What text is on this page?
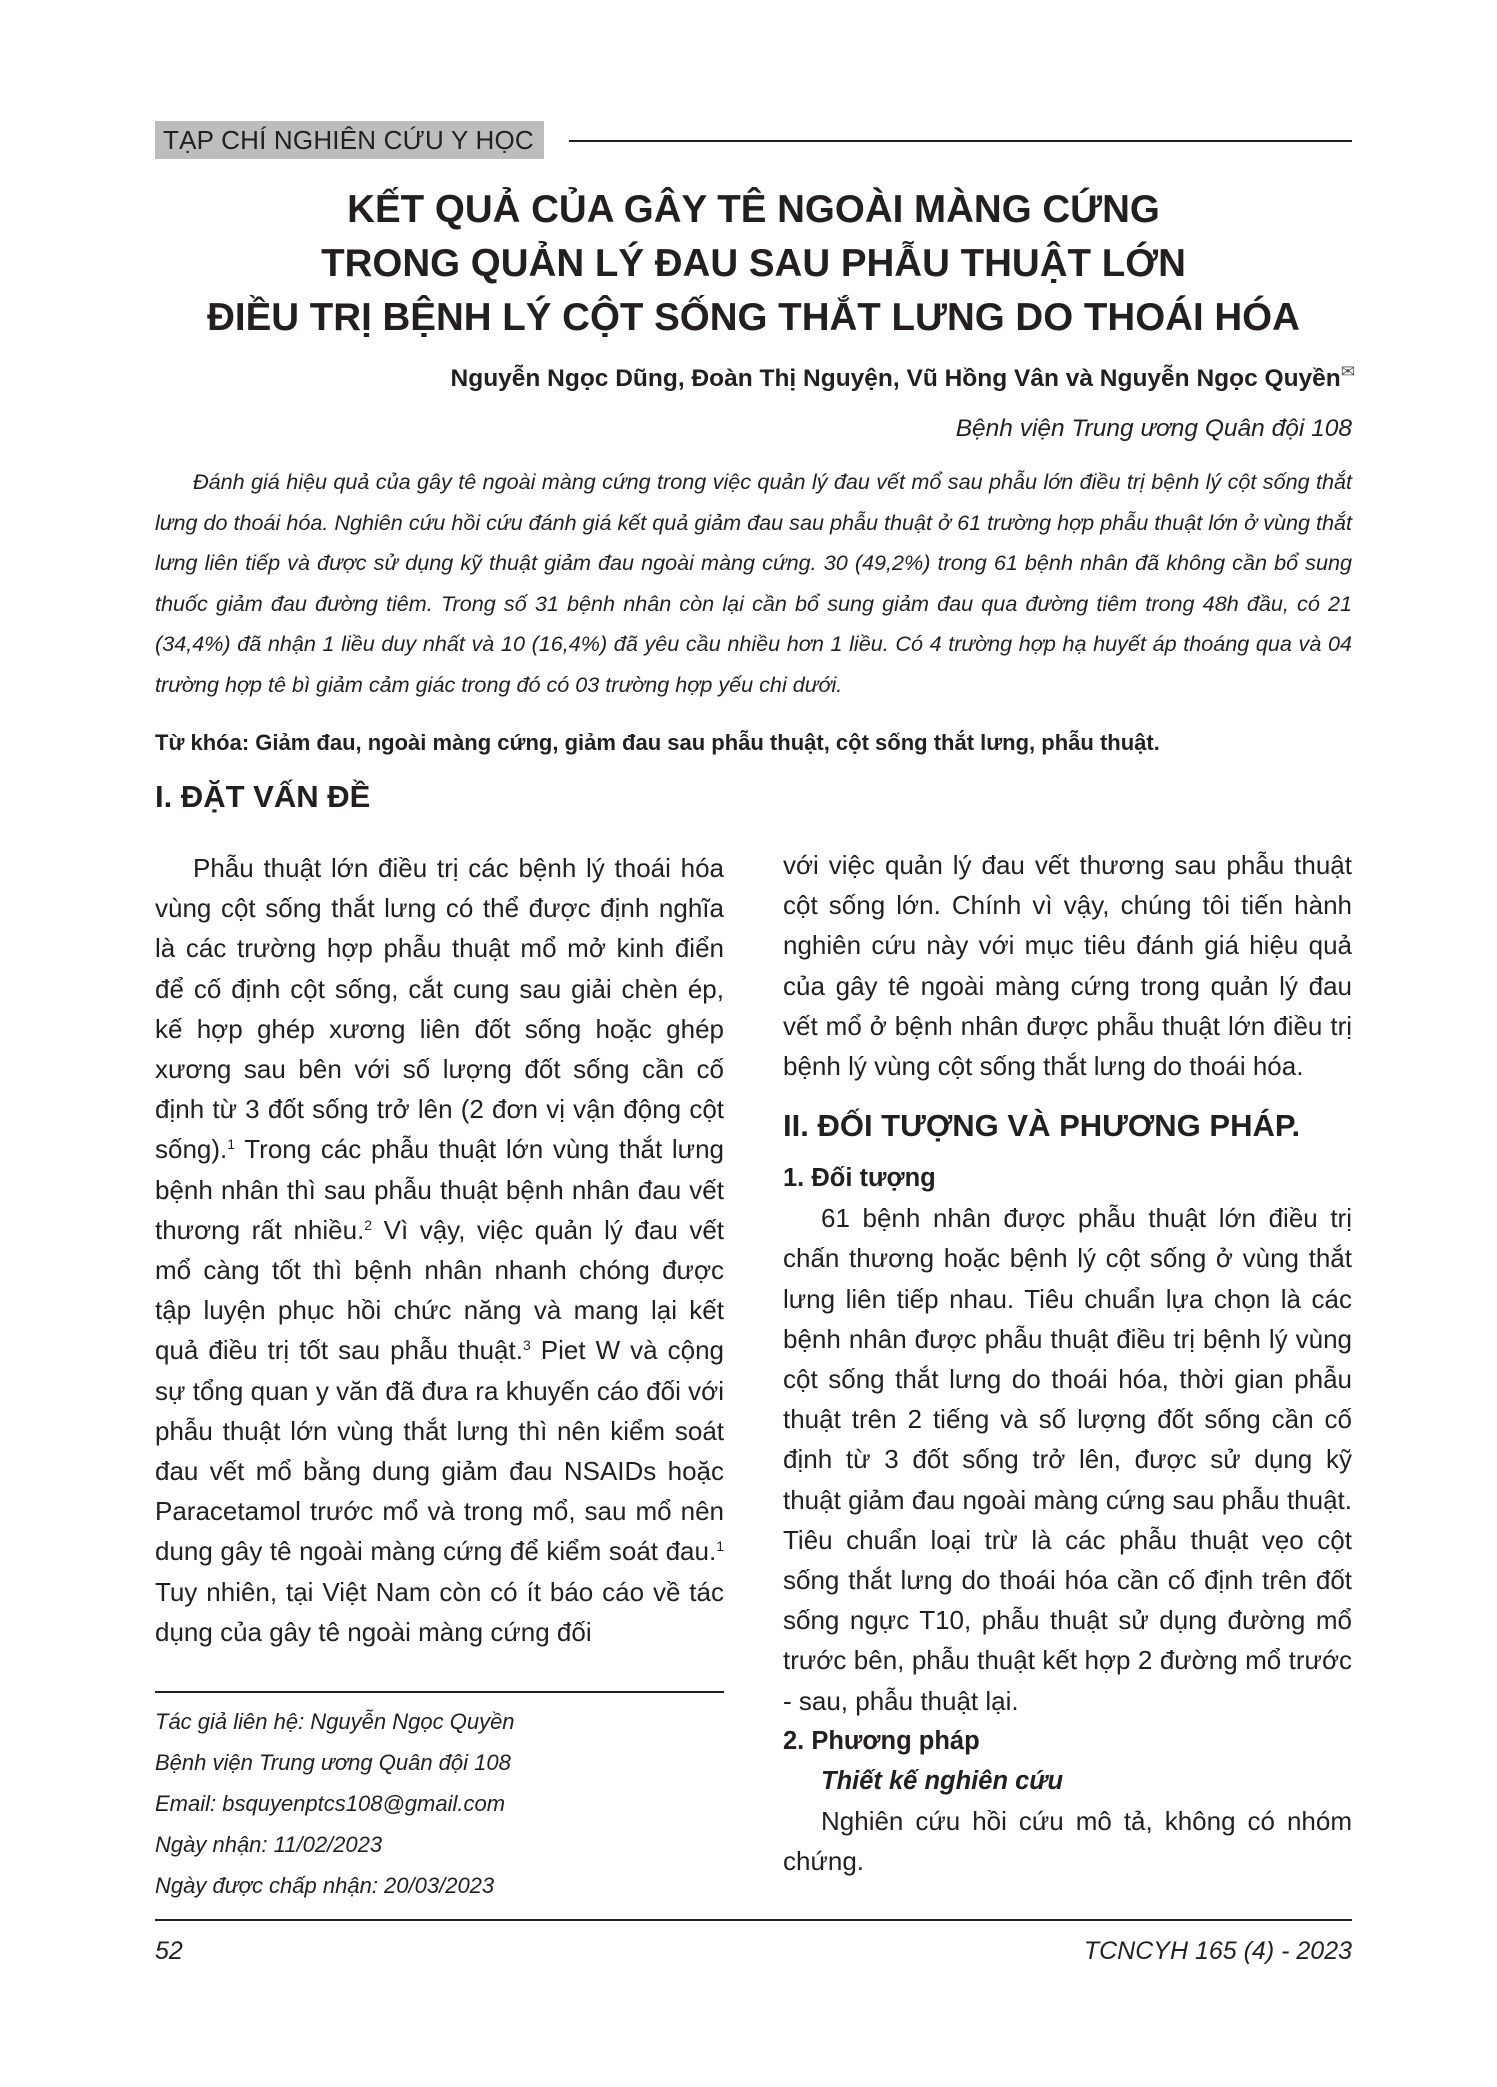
TẠP CHÍ NGHIÊN CỨU Y HỌC
KẾT QUẢ CỦA GÂY TÊ NGOÀI MÀNG CỨNG
TRONG QUẢN LÝ ĐAU SAU PHẪU THUẬT LỚN
ĐIỀU TRỊ BỆNH LÝ CỘT SỐNG THẮT LƯNG DO THOÁI HÓA
Nguyễn Ngọc Dũng, Đoàn Thị Nguyện, Vũ Hồng Vân và Nguyễn Ngọc Quyền✉
Bệnh viện Trung ương Quân đội 108
Đánh giá hiệu quả của gây tê ngoài màng cứng trong việc quản lý đau vết mổ sau phẫu lớn điều trị bệnh lý cột sống thắt lưng do thoái hóa. Nghiên cứu hồi cứu đánh giá kết quả giảm đau sau phẫu thuật ở 61 trường hợp phẫu thuật lớn ở vùng thắt lưng liên tiếp và được sử dụng kỹ thuật giảm đau ngoài màng cứng. 30 (49,2%) trong 61 bệnh nhân đã không cần bổ sung thuốc giảm đau đường tiêm. Trong số 31 bệnh nhân còn lại cần bổ sung giảm đau qua đường tiêm trong 48h đầu, có 21 (34,4%) đã nhận 1 liều duy nhất và 10 (16,4%) đã yêu cầu nhiều hơn 1 liều. Có 4 trường hợp hạ huyết áp thoáng qua và 04 trường hợp tê bì giảm cảm giác trong đó có 03 trường hợp yếu chi dưới.
Từ khóa: Giảm đau, ngoài màng cứng, giảm đau sau phẫu thuật, cột sống thắt lưng, phẫu thuật.
I. ĐẶT VẤN ĐỀ

Phẫu thuật lớn điều trị các bệnh lý thoái hóa vùng cột sống thắt lưng có thể được định nghĩa là các trường hợp phẫu thuật mổ mở kinh điển để cố định cột sống, cắt cung sau giải chèn ép, kế hợp ghép xương liên đốt sống hoặc ghép xương sau bên với số lượng đốt sống cần cố định từ 3 đốt sống trở lên (2 đơn vị vận động cột sống).$^1$ Trong các phẫu thuật lớn vùng thắt lưng bệnh nhân thì sau phẫu thuật bệnh nhân đau vết thương rất nhiều.$^2$ Vì vậy, việc quản lý đau vết mổ càng tốt thì bệnh nhân nhanh chóng được tập luyện phục hồi chức năng và mang lại kết quả điều trị tốt sau phẫu thuật.$^3$ Piet W và cộng sự tổng quan y văn đã đưa ra khuyến cáo đối với phẫu thuật lớn vùng thắt lưng thì nên kiểm soát đau vết mổ bằng dung giảm đau NSAIDs hoặc Paracetamol trước mổ và trong mổ, sau mổ nên dung gây tê ngoài màng cứng để kiểm soát đau.$^1$ Tuy nhiên, tại Việt Nam còn có ít báo cáo về tác dụng của gây tê ngoài màng cứng đối

Tác giả liên hệ: Nguyễn Ngọc Quyền
Bệnh viện Trung ương Quân đội 108
Email: bsquyenptcs108@gmail.com
Ngày nhận: 11/02/2023
Ngày được chấp nhận: 20/03/2023

với việc quản lý đau vết thương sau phẫu thuật cột sống lớn. Chính vì vậy, chúng tôi tiến hành nghiên cứu này với mục tiêu đánh giá hiệu quả của gây tê ngoài màng cứng trong quản lý đau vết mổ ở bệnh nhân được phẫu thuật lớn điều trị bệnh lý vùng cột sống thắt lưng do thoái hóa.

II. ĐỐI TƯỢNG VÀ PHƯƠNG PHÁP.
1. Đối tượng

61 bệnh nhân được phẫu thuật lớn điều trị chấn thương hoặc bệnh lý cột sống ở vùng thắt lưng liên tiếp nhau. Tiêu chuẩn lựa chọn là các bệnh nhân được phẫu thuật điều trị bệnh lý vùng cột sống thắt lưng do thoái hóa, thời gian phẫu thuật trên 2 tiếng và số lượng đốt sống cần cố định từ 3 đốt sống trở lên, được sử dụng kỹ thuật giảm đau ngoài màng cứng sau phẫu thuật. Tiêu chuẩn loại trừ là các phẫu thuật vẹo cột sống thắt lưng do thoái hóa cần cố định trên đốt sống ngực T10, phẫu thuật sử dụng đường mổ trước bên, phẫu thuật kết hợp 2 đường mổ trước - sau, phẫu thuật lại.

2. Phương pháp
Thiết kế nghiên cứu

Nghiên cứu hồi cứu mô tả, không có nhóm chứng.

52	TCNCYH 165 (4) - 2023
